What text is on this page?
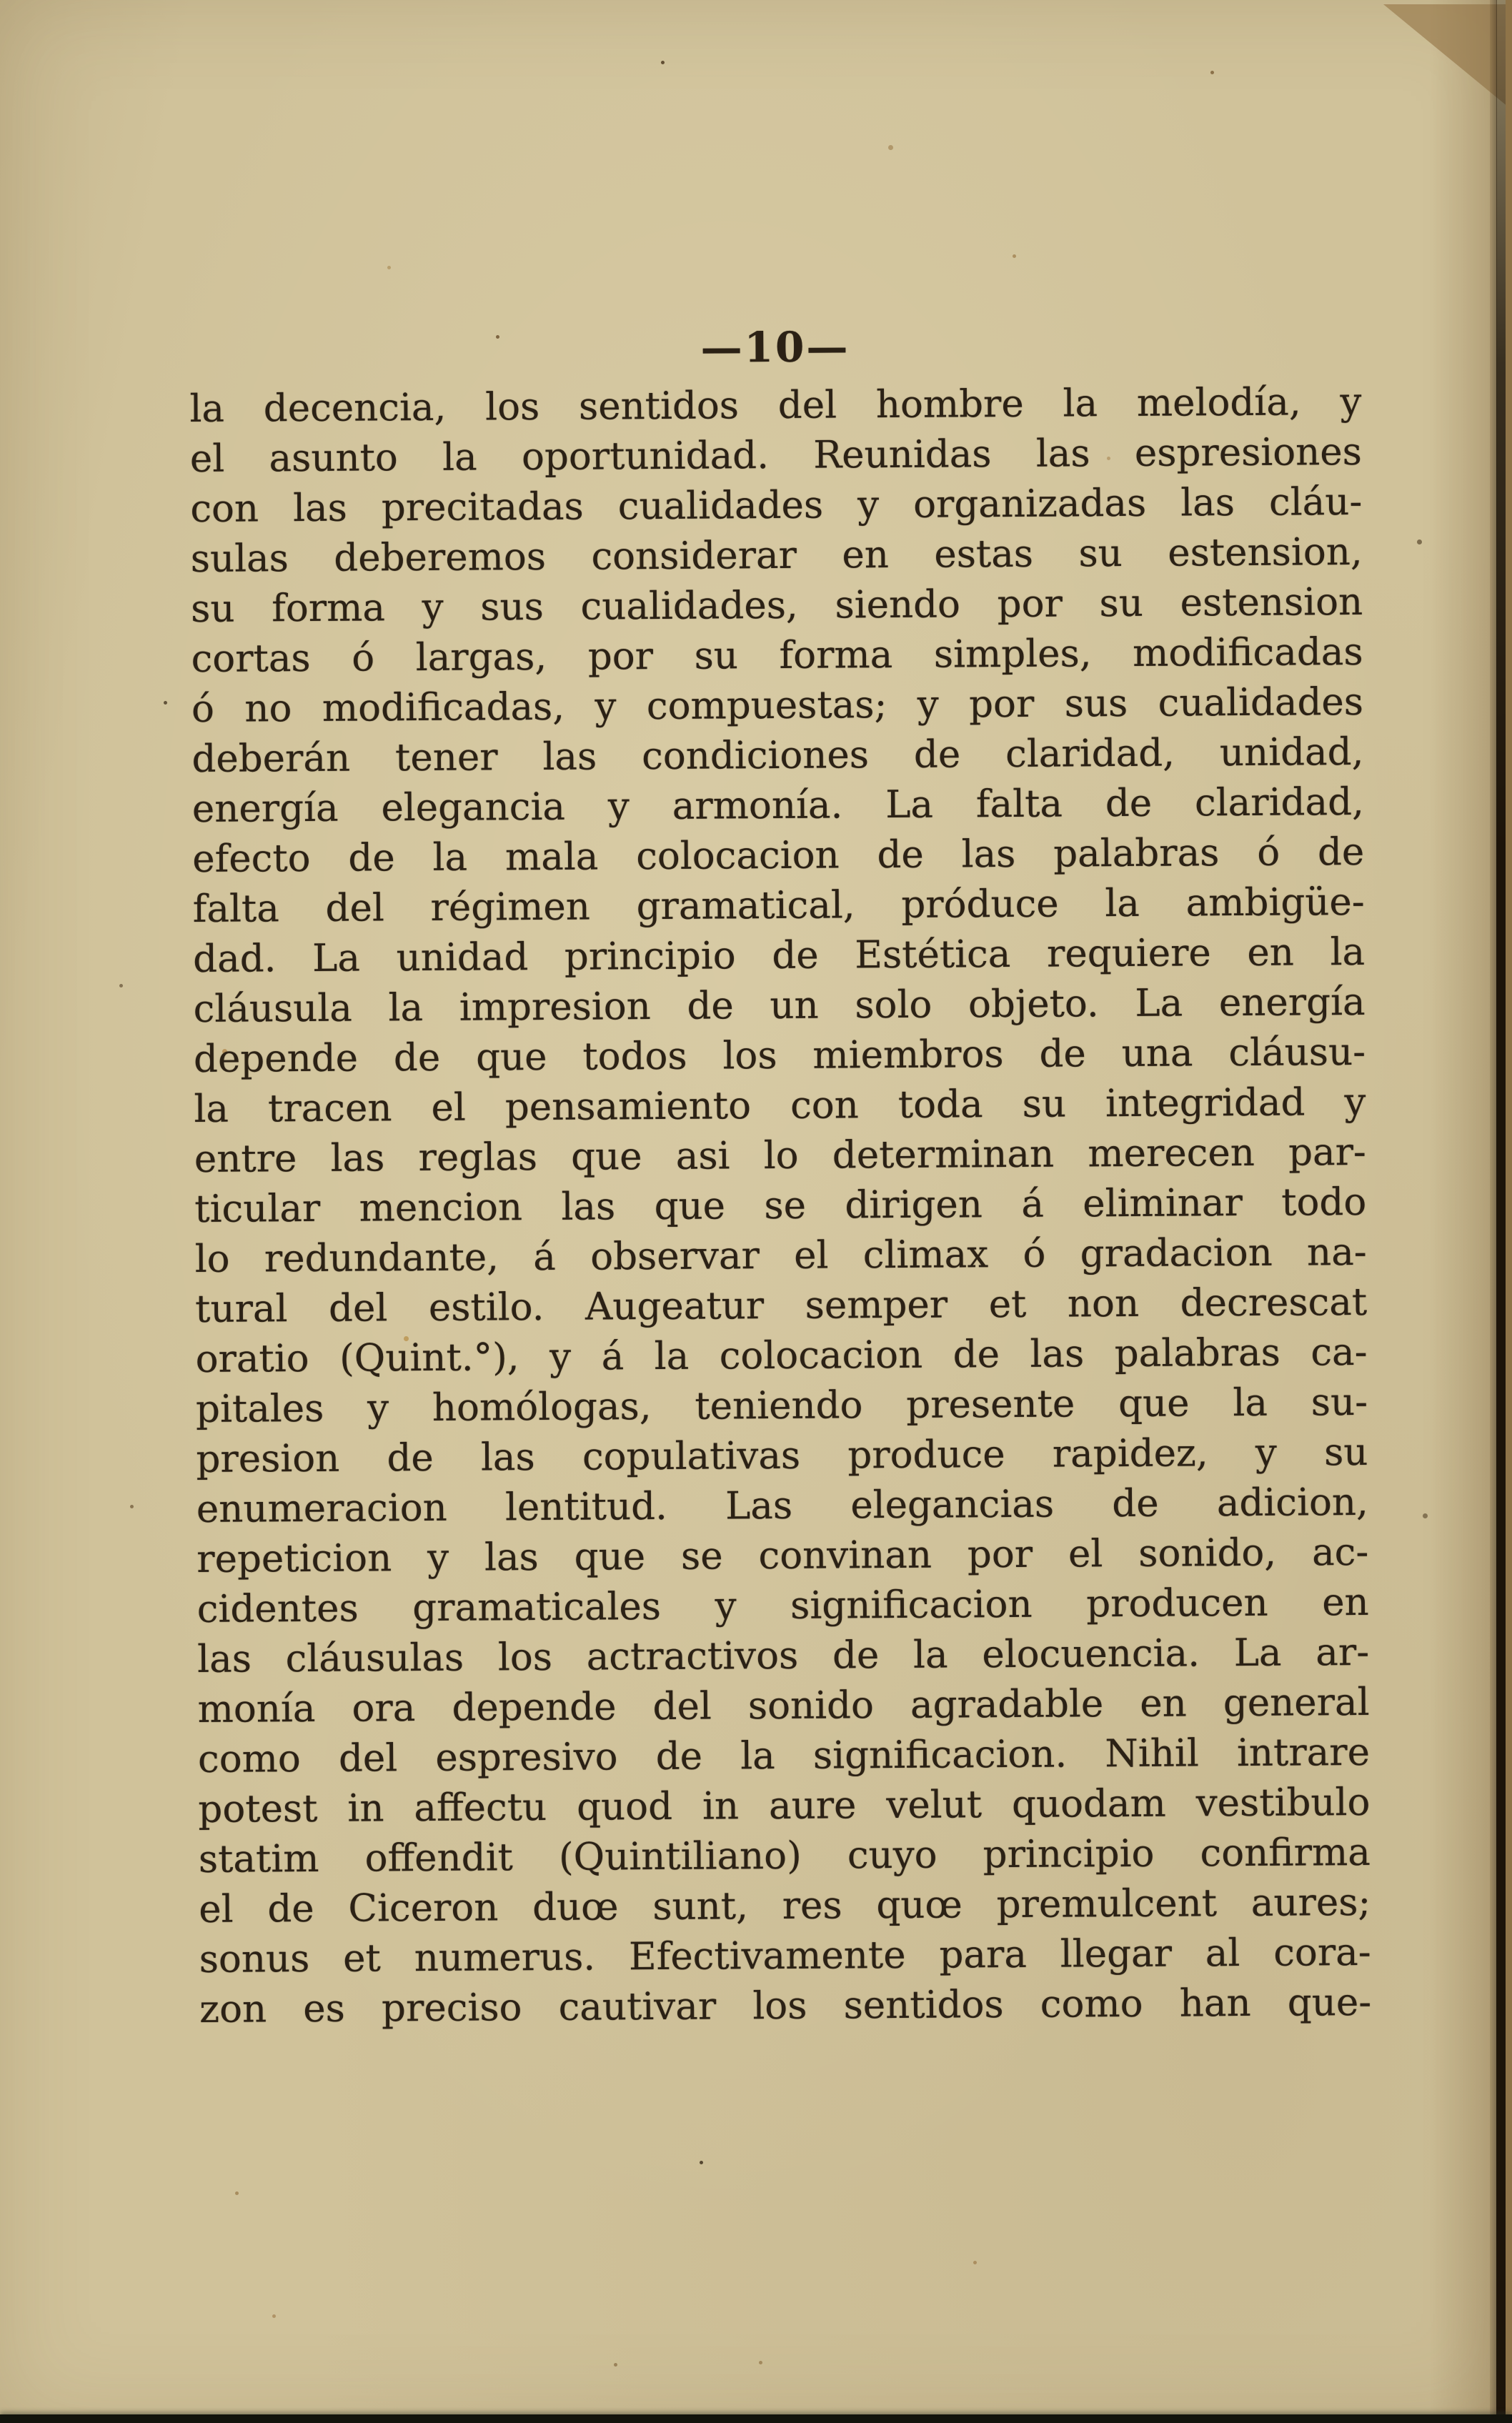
—10—
la decencia, los sentidos del hombre la melodía, y
el asunto la oportunidad. Reunidas las espresiones
con las precitadas cualidades y organizadas las cláu-
sulas deberemos considerar en estas su estension,
su forma y sus cualidades, siendo por su estension
cortas ó largas, por su forma simples, modificadas
ó no modificadas, y compuestas; y por sus cualidades
deberán tener las condiciones de claridad, unidad,
energía elegancia y armonía. La falta de claridad,
efecto de la mala colocacion de las palabras ó de
falta del régimen gramatical, próduce la ambigüe-
dad. La unidad principio de Estética requiere en la
cláusula la impresion de un solo objeto. La energía
depende de que todos los miembros de una cláusu-
la tracen el pensamiento con toda su integridad y
entre las reglas que asi lo determinan merecen par-
ticular mencion las que se dirigen á eliminar todo
lo redundante, á observar el climax ó gradacion na-
tural del estilo. Augeatur semper et non decrescat
oratio (Quint.°), y á la colocacion de las palabras ca-
pitales y homólogas, teniendo presente que la su-
presion de las copulativas produce rapidez, y su
enumeracion lentitud. Las elegancias de adicion,
repeticion y las que se convinan por el sonido, ac-
cidentes gramaticales y significacion producen en
las cláusulas los actractivos de la elocuencia. La ar-
monía ora depende del sonido agradable en general
como del espresivo de la significacion. Nihil intrare
potest in affectu quod in aure velut quodam vestibulo
statim offendit (Quintiliano) cuyo principio confirma
el de Ciceron duœ sunt, res quœ premulcent aures;
sonus et numerus. Efectivamente para llegar al cora-
zon es preciso cautivar los sentidos como han que-
